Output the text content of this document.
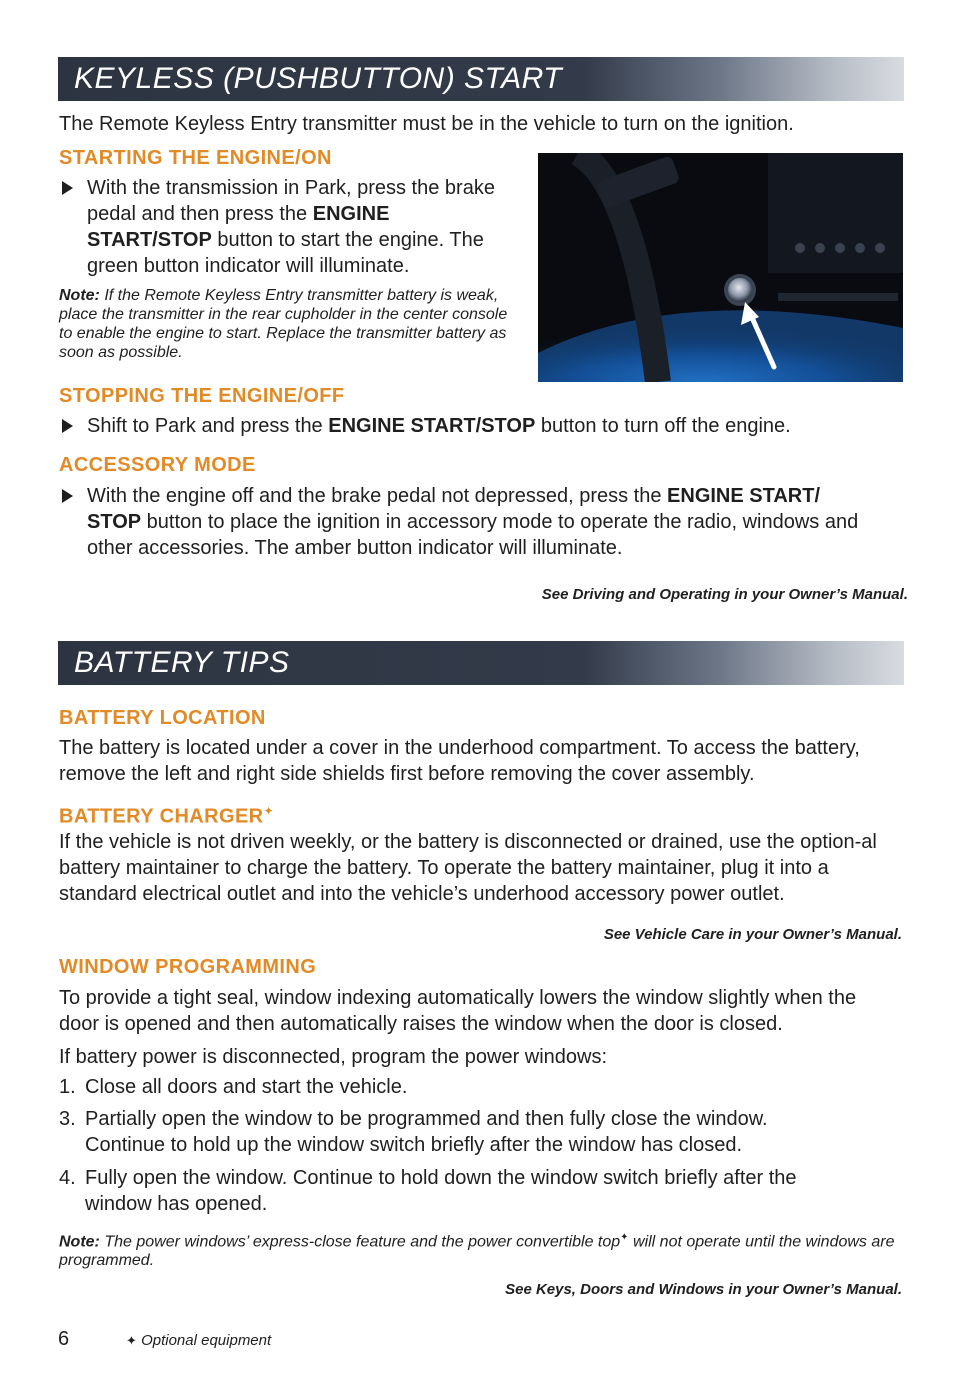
KEYLESS (PUSHBUTTON) START
The Remote Keyless Entry transmitter must be in the vehicle to turn on the ignition.
STARTING THE ENGINE/ON
With the transmission in Park, press the brake pedal and then press the ENGINE START/STOP button to start the engine. The green button indicator will illuminate.
Note: If the Remote Keyless Entry transmitter battery is weak, place the transmitter in the rear cupholder in the center console to enable the engine to start. Replace the transmitter battery as soon as possible.
STOPPING THE ENGINE/OFF
Shift to Park and press the ENGINE START/STOP button to turn off the engine.
ACCESSORY MODE
With the engine off and the brake pedal not depressed, press the ENGINE START/ STOP button to place the ignition in accessory mode to operate the radio, windows and other accessories. The amber button indicator will illuminate.
See Driving and Operating in your Owner’s Manual.
BATTERY TIPS
BATTERY LOCATION
The battery is located under a cover in the underhood compartment. To access the battery, remove the left and right side shields first before removing the cover assembly.
BATTERY CHARGER✦
If the vehicle is not driven weekly, or the battery is disconnected or drained, use the option-al battery maintainer to charge the battery. To operate the battery maintainer, plug it into a standard electrical outlet and into the vehicle’s underhood accessory power outlet.
See Vehicle Care in your Owner’s Manual.
WINDOW PROGRAMMING
To provide a tight seal, window indexing automatically lowers the window slightly when the door is opened and then automatically raises the window when the door is closed.
If battery power is disconnected, program the power windows:
1. Close all doors and start the vehicle.
3. Partially open the window to be programmed and then fully close the window. Continue to hold up the window switch briefly after the window has closed.
4. Fully open the window. Continue to hold down the window switch briefly after the window has opened.
Note: The power windows’ express-close feature and the power convertible top✦ will not operate until the windows are programmed.
See Keys, Doors and Windows in your Owner’s Manual.
6	✦ Optional equipment
